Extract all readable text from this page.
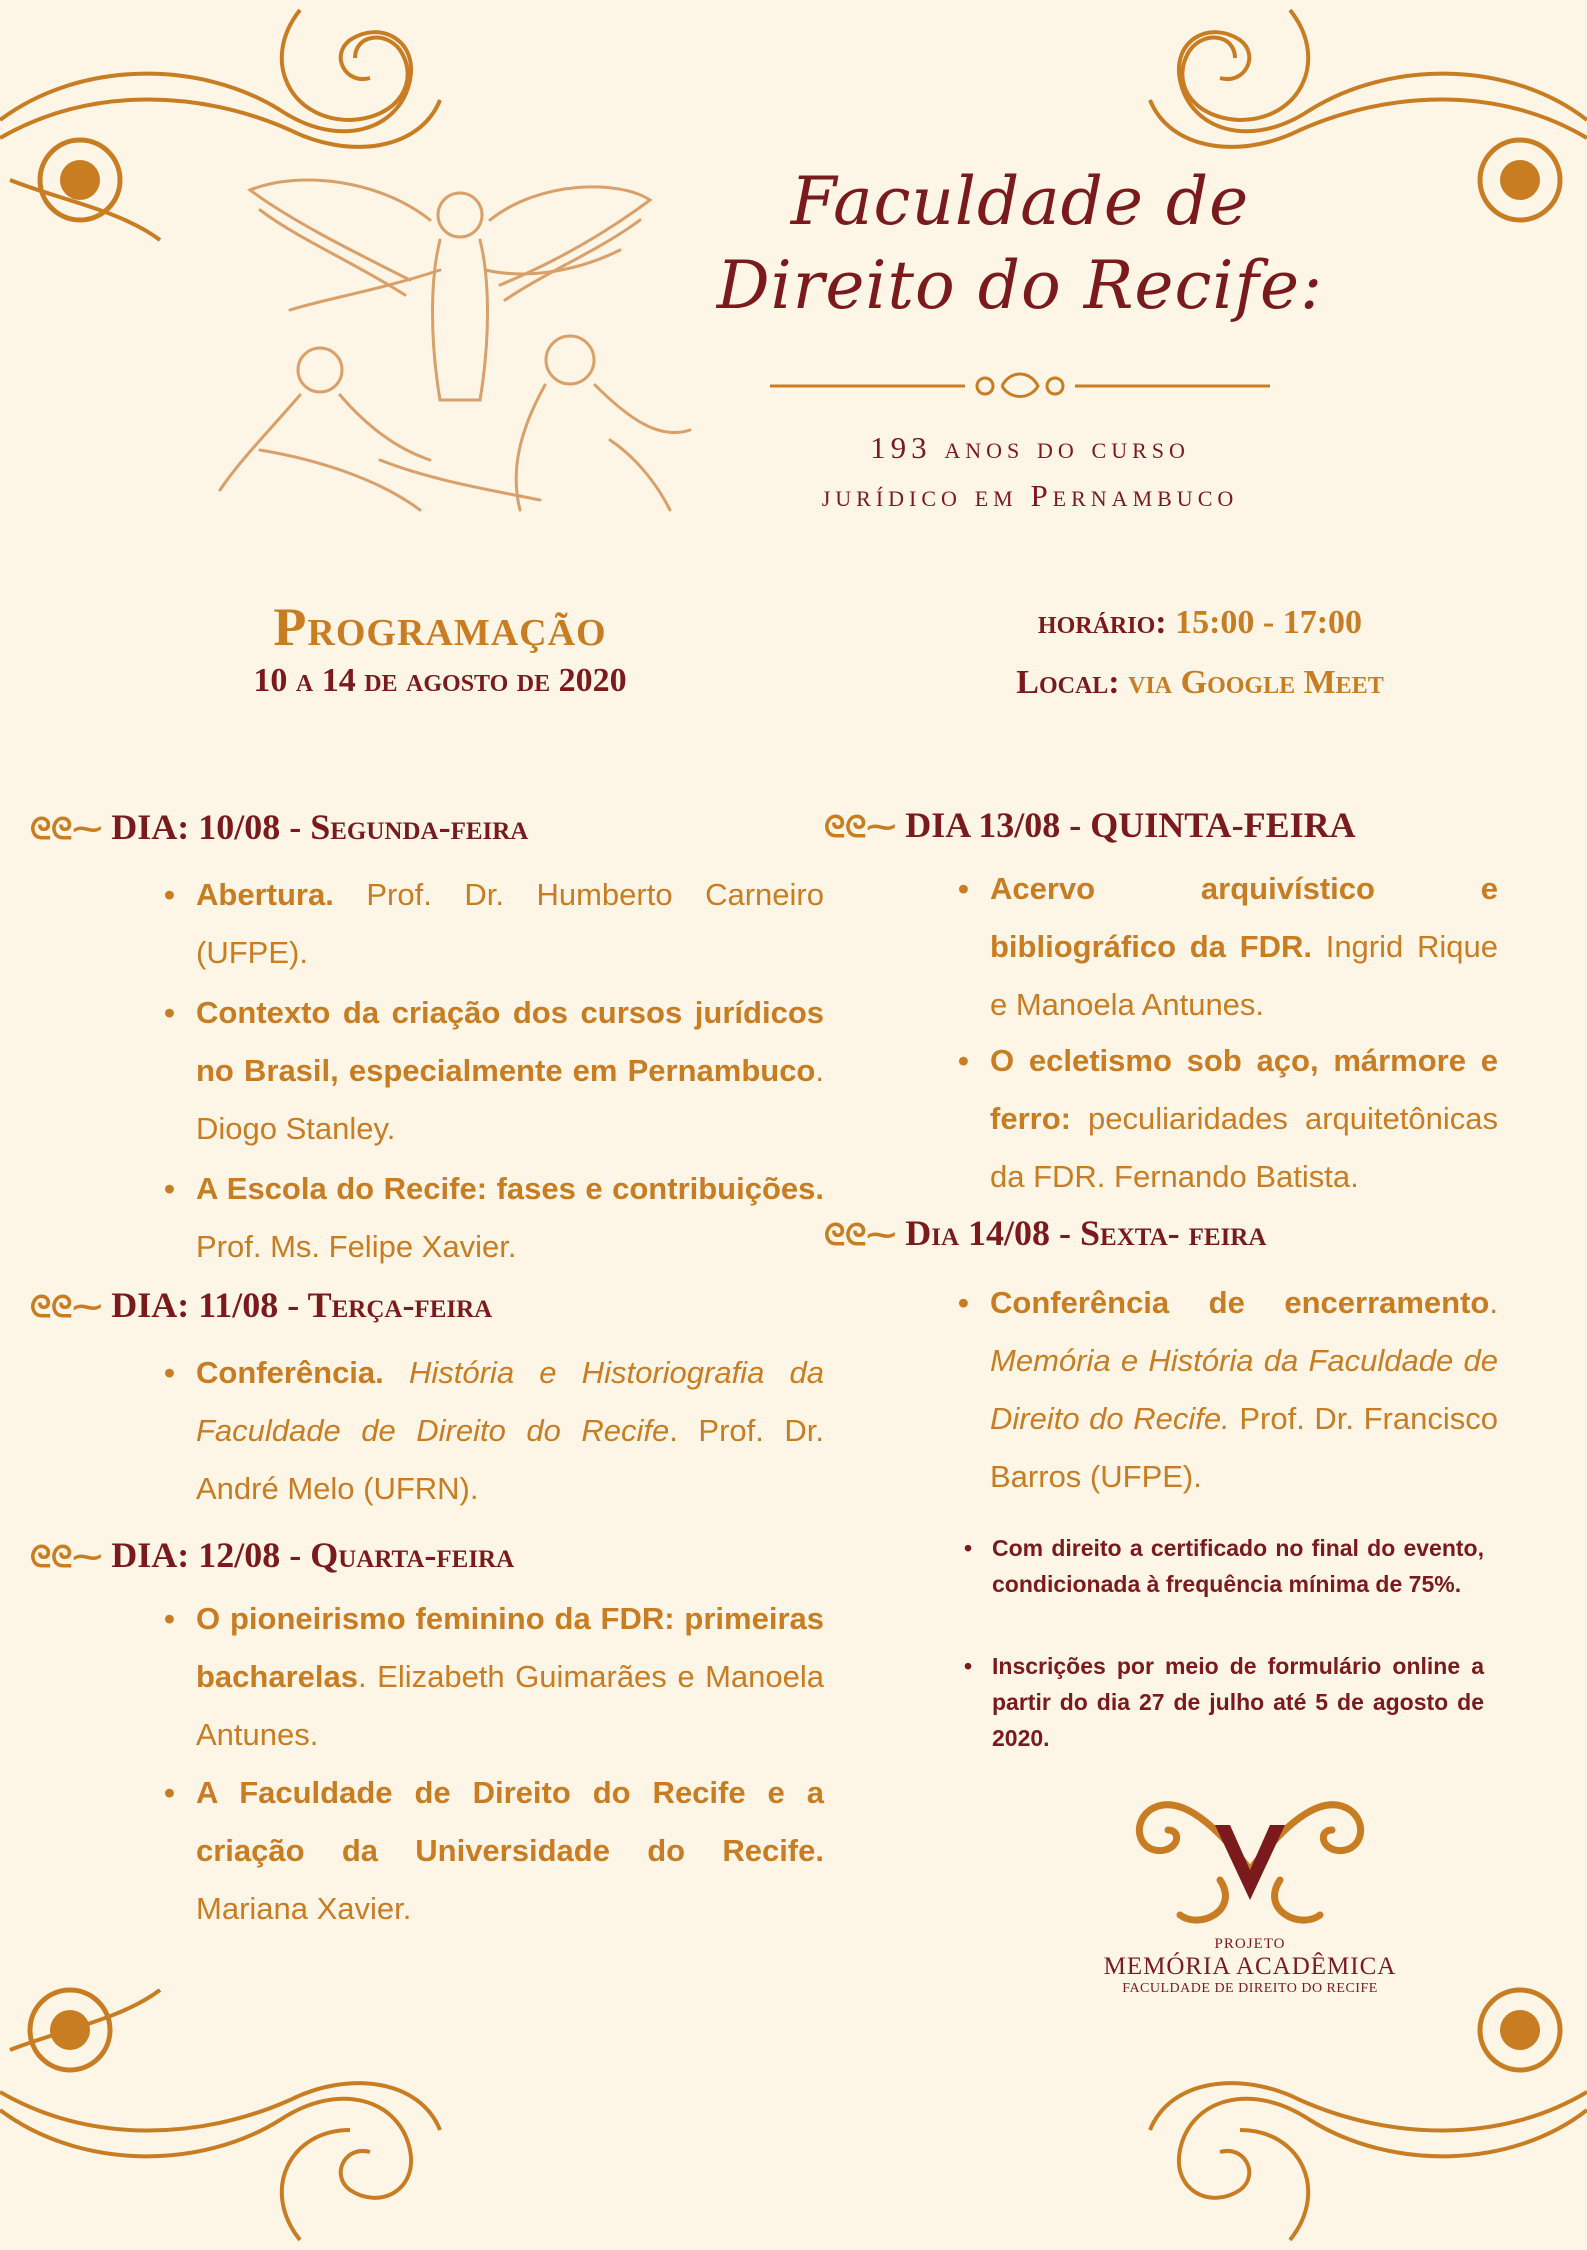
Faculdade de
Direito do Recife:
193 anos do curso
jurídico em Pernambuco
Programação
10 a 14 de agosto de 2020
horário: 15:00 - 17:00
Local: via Google Meet
ᘓᘓ⁓ DIA: 10/08 - Segunda-feira
• Abertura. Prof. Dr. Humberto Carneiro (UFPE).
• Contexto da criação dos cursos jurídicos no Brasil, especialmente em Pernambuco. Diogo Stanley.
• A Escola do Recife: fases e contribuições. Prof. Ms. Felipe Xavier.
ᘓᘓ⁓ DIA: 11/08 - Terça-feira
• Conferência. História e Historiografia da Faculdade de Direito do Recife. Prof. Dr. André Melo (UFRN).
ᘓᘓ⁓ DIA: 12/08 - Quarta-feira
• O pioneirismo feminino da FDR: primeiras bacharelas. Elizabeth Guimarães e Manoela Antunes.
• A Faculdade de Direito do Recife e a criação da Universidade do Recife. Mariana Xavier.
ᘓᘓ⁓ DIA 13/08 - QUINTA-FEIRA
• Acervo arquivístico e bibliográfico da FDR. Ingrid Rique e Manoela Antunes.
• O ecletismo sob aço, mármore e ferro: peculiaridades arquitetônicas da FDR. Fernando Batista.
ᘓᘓ⁓ Dia 14/08 - Sexta- feira
• Conferência de encerramento. Memória e História da Faculdade de Direito do Recife. Prof. Dr. Francisco Barros (UFPE).
• Com direito a certificado no final do evento, condicionada à frequência mínima de 75%.
• Inscrições por meio de formulário online a partir do dia 27 de julho até 5 de agosto de 2020.
PROJETO
MEMÓRIA ACADÊMICA
FACULDADE DE DIREITO DO RECIFE
